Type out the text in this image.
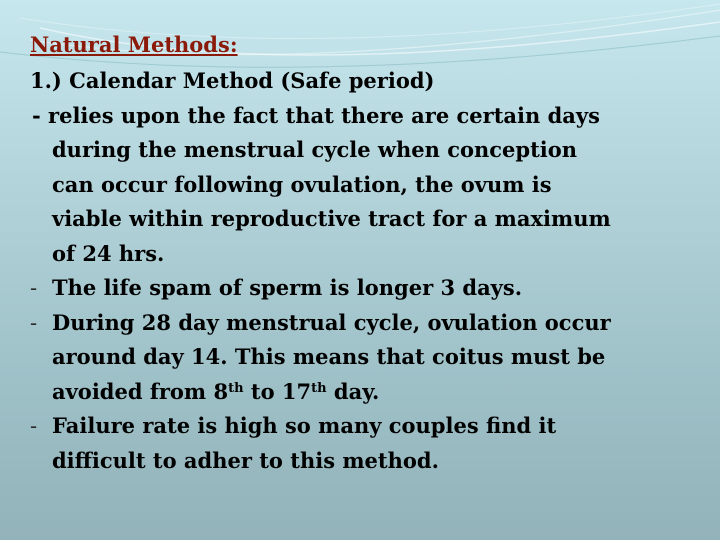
Natural Methods:
1.) Calendar Method (Safe period)
- relies upon the fact that there are certain days
during the menstrual cycle when conception
can occur following ovulation, the ovum is
viable within reproductive tract for a maximum
of 24 hrs.
- The life spam of sperm is longer 3 days.
- During 28 day menstrual cycle, ovulation occur
around day 14. This means that coitus must be
avoided from 8th to 17th day.
- Failure rate is high so many couples find it
difficult to adher to this method.
